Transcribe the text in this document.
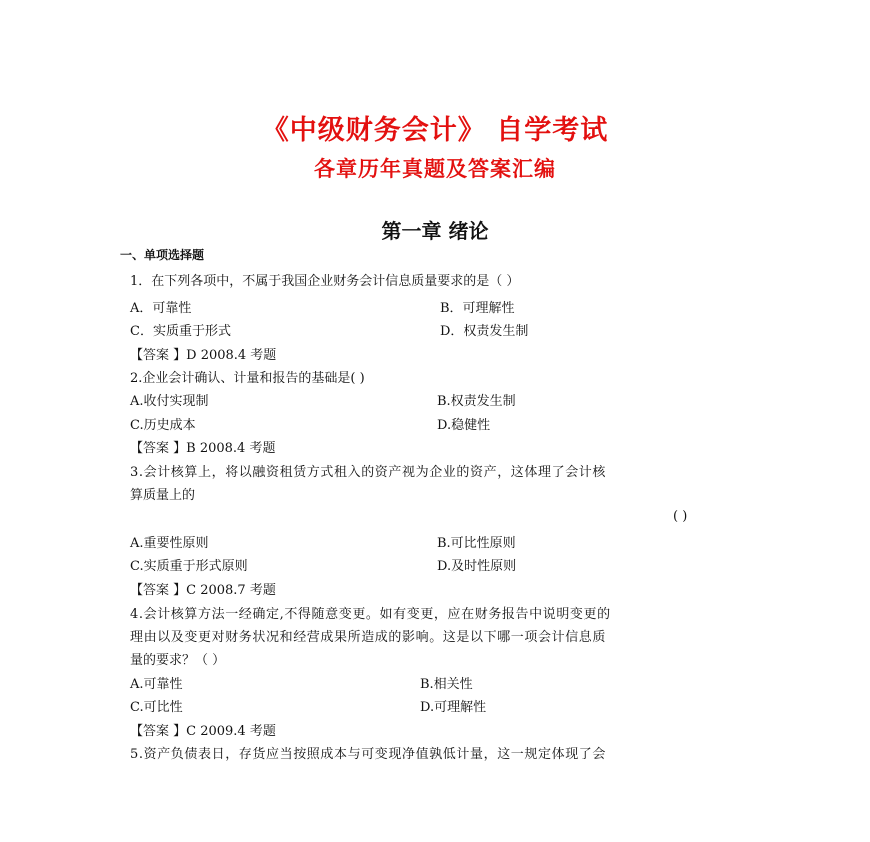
《中级财务会计》 自学考试
各章历年真题及答案汇编
第一章 绪论
一、单项选择题
1．在下列各项中，不属于我国企业财务会计信息质量要求的是（ ）
A．可靠性	B．可理解性
C．实质重于形式	D．权责发生制
【答案 】D 2008.4 考题
2.企业会计确认、计量和报告的基础是( )
A.收付实现制	B.权责发生制
C.历史成本	D.稳健性
【答案 】B 2008.4 考题
3.会计核算上，将以融资租赁方式租入的资产视为企业的资产，这体理了会计核
算质量上的
( )
A.重要性原则	B.可比性原则
C.实质重于形式原则	D.及时性原则
【答案 】C 2008.7 考题
4.会计核算方法一经确定,不得随意变更。如有变更，应在财务报告中说明变更的
理由以及变更对财务状况和经营成果所造成的影响。这是以下哪一项会计信息质
量的要求？（ ）
A.可靠性	B.相关性
C.可比性	D.可理解性
【答案 】C 2009.4 考题
5.资产负债表日，存货应当按照成本与可变现净值孰低计量，这一规定体现了会
